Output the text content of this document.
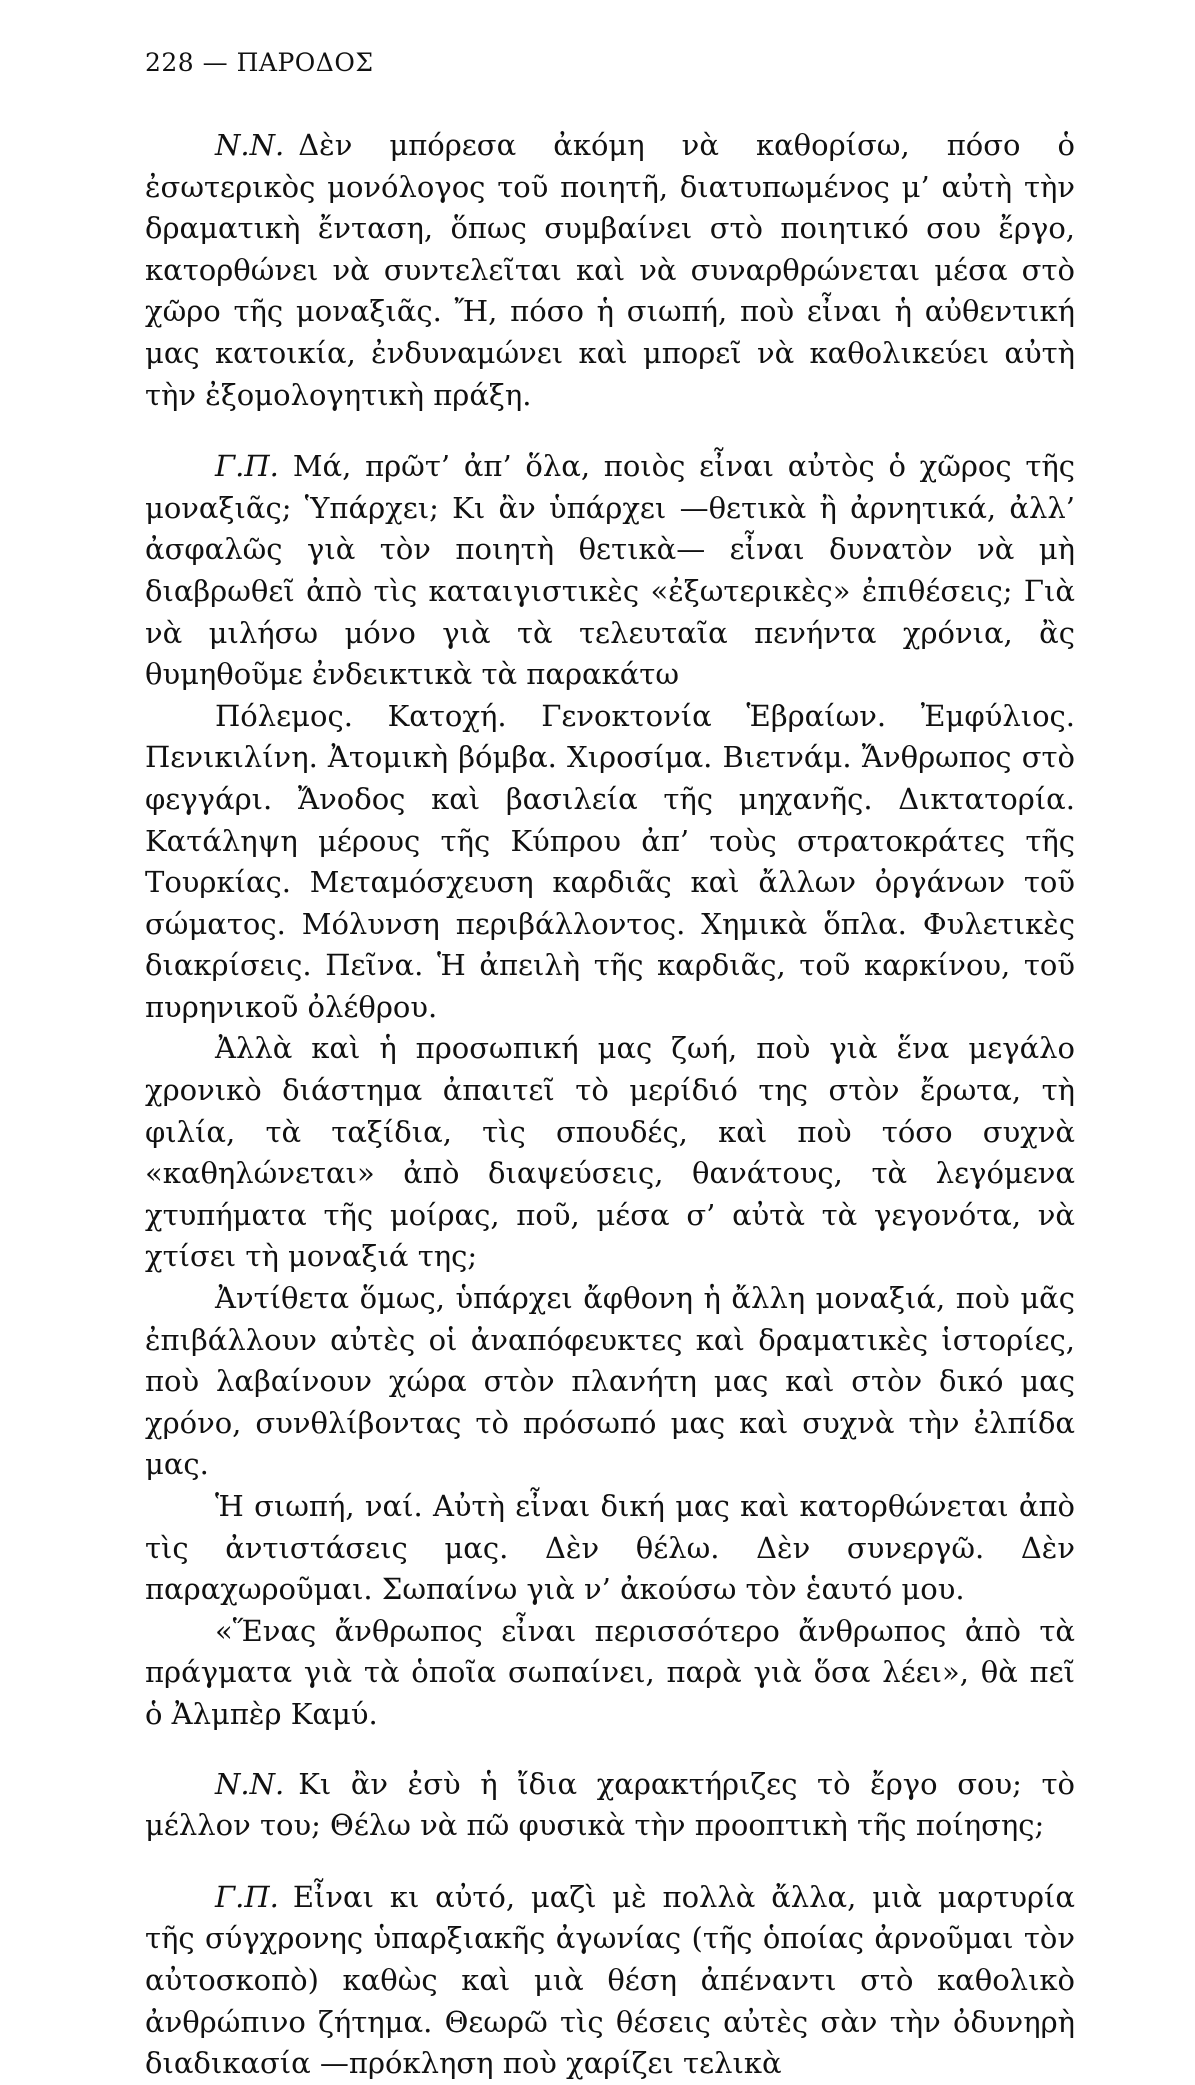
228 — ΠΑΡΟΔΟΣ

Ν.Ν. Δὲν μπόρεσα ἀκόμη νὰ καθορίσω, πόσο ὁ ἐσωτερικὸς μονόλογος τοῦ ποιητῆ, διατυπωμένος μ’ αὐτὴ τὴν δραματικὴ ἔνταση, ὅπως συμβαίνει στὸ ποιητικό σου ἔργο, κατορθώνει νὰ συντελεῖται καὶ νὰ συναρθρώνεται μέσα στὸ χῶρο τῆς μοναξιᾶς. Ἤ, πόσο ἡ σιωπή, ποὺ εἶναι ἡ αὐθεντική μας κατοικία, ἐνδυναμώνει καὶ μπορεῖ νὰ καθολικεύει αὐτὴ τὴν ἐξομολογητικὴ πράξη.

Γ.Π. Μά, πρῶτ’ ἀπ’ ὅλα, ποιὸς εἶναι αὐτὸς ὁ χῶρος τῆς μοναξιᾶς; Ὑπάρχει; Κι ἂν ὑπάρχει —θετικὰ ἢ ἀρνητικά, ἀλλ’ ἀσφαλῶς γιὰ τὸν ποιητὴ θετικὰ— εἶναι δυνατὸν νὰ μὴ διαβρωθεῖ ἀπὸ τὶς καταιγιστικὲς «ἐξωτερικὲς» ἐπιθέσεις; Γιὰ νὰ μιλήσω μόνο γιὰ τὰ τελευταῖα πενήντα χρόνια, ἂς θυμηθοῦμε ἐνδεικτικὰ τὰ παρακάτω

Πόλεμος. Κατοχή. Γενοκτονία Ἑβραίων. Ἐμφύλιος. Πενικιλίνη. Ἀτομικὴ βόμβα. Χιροσίμα. Βιετνάμ. Ἄνθρωπος στὸ φεγγάρι. Ἄνοδος καὶ βασιλεία τῆς μηχανῆς. Δικτατορία. Κατάληψη μέρους τῆς Κύπρου ἀπ’ τοὺς στρατοκράτες τῆς Τουρκίας. Μεταμόσχευση καρδιᾶς καὶ ἄλλων ὀργάνων τοῦ σώματος. Μόλυνση περιβάλλοντος. Χημικὰ ὅπλα. Φυλετικὲς διακρίσεις. Πεῖνα. Ἡ ἀπειλὴ τῆς καρδιᾶς, τοῦ καρκίνου, τοῦ πυρηνικοῦ ὀλέθρου.

Ἀλλὰ καὶ ἡ προσωπική μας ζωή, ποὺ γιὰ ἕνα μεγάλο χρονικὸ διάστημα ἀπαιτεῖ τὸ μερίδιό της στὸν ἔρωτα, τὴ φιλία, τὰ ταξίδια, τὶς σπουδές, καὶ ποὺ τόσο συχνὰ «καθηλώνεται» ἀπὸ διαψεύσεις, θανάτους, τὰ λεγόμενα χτυπήματα τῆς μοίρας, ποῦ, μέσα σ’ αὐτὰ τὰ γεγονότα, νὰ χτίσει τὴ μοναξιά της;

Ἀντίθετα ὅμως, ὑπάρχει ἄφθονη ἡ ἄλλη μοναξιά, ποὺ μᾶς ἐπιβάλλουν αὐτὲς οἱ ἀναπόφευκτες καὶ δραματικὲς ἱστορίες, ποὺ λαβαίνουν χώρα στὸν πλανήτη μας καὶ στὸν δικό μας χρόνο, συνθλίβοντας τὸ πρόσωπό μας καὶ συχνὰ τὴν ἐλπίδα μας.

Ἡ σιωπή, ναί. Αὐτὴ εἶναι δική μας καὶ κατορθώνεται ἀπὸ τὶς ἀντιστάσεις μας. Δὲν θέλω. Δὲν συνεργῶ. Δὲν παραχωροῦμαι. Σωπαίνω γιὰ ν’ ἀκούσω τὸν ἑαυτό μου.

«Ἕνας ἄνθρωπος εἶναι περισσότερο ἄνθρωπος ἀπὸ τὰ πράγματα γιὰ τὰ ὁποῖα σωπαίνει, παρὰ γιὰ ὅσα λέει», θὰ πεῖ ὁ Ἀλμπὲρ Καμύ.

Ν.Ν. Κι ἂν ἐσὺ ἡ ἴδια χαρακτήριζες τὸ ἔργο σου; τὸ μέλλον του; Θέλω νὰ πῶ φυσικὰ τὴν προοπτικὴ τῆς ποίησης;

Γ.Π. Εἶναι κι αὐτό, μαζὶ μὲ πολλὰ ἄλλα, μιὰ μαρτυρία τῆς σύγχρονης ὑπαρξιακῆς ἀγωνίας (τῆς ὁποίας ἀρνοῦμαι τὸν αὐτοσκοπὸ) καθὼς καὶ μιὰ θέση ἀπέναντι στὸ καθολικὸ ἀνθρώπινο ζήτημα. Θεωρῶ τὶς θέσεις αὐτὲς σὰν τὴν ὀδυνηρὴ διαδικασία —πρόκληση ποὺ χαρίζει τελικὰ
